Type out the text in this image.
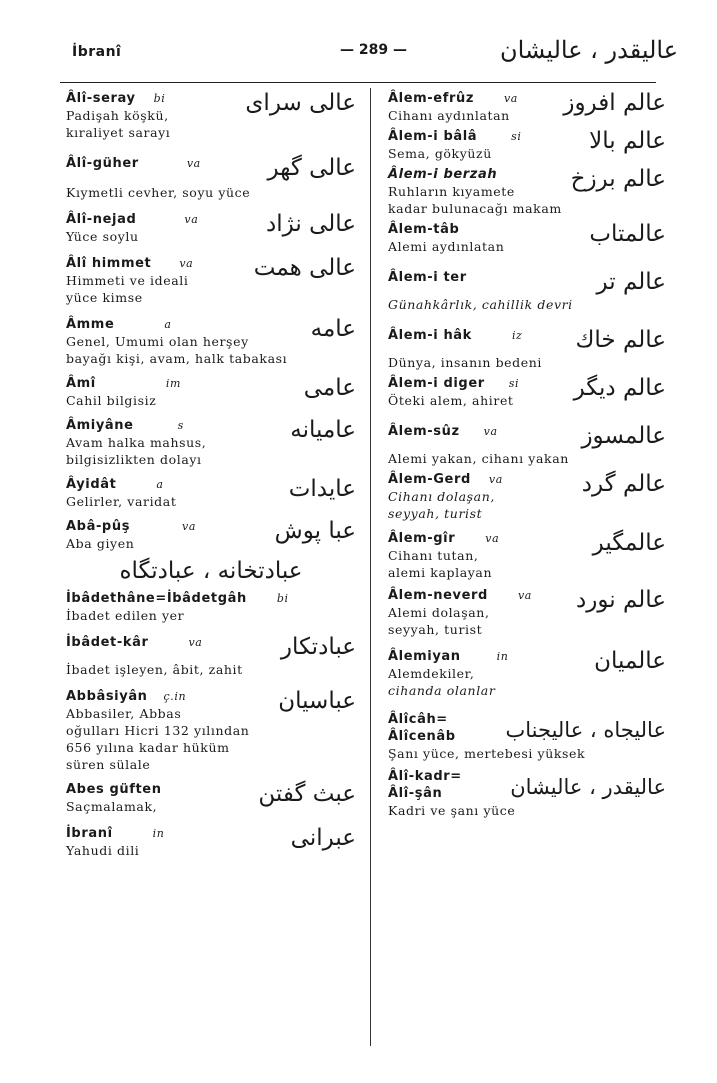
İbranî	— 289 —	عالیقدر ، عالیشان
Âlî-seray bi	عالی سرای
Padişah köşkü,
kıraliyet sarayı
Âlî-güher	va	عالی گهر
Kıymetli cevher, soyu yüce
Âlî-nejad	va	عالی نژاد
Yüce soylu
Âlî himmet	va	عالی همت
Himmeti ve ideali
yüce kimse
Âmme	a	عامه
Genel, Umumi olan herşey
bayağı kişi, avam, halk tabakası
Âmî	im	عامی
Cahil bilgisiz
Âmiyâne	s	عامیانه
Avam halka mahsus,
bilgisizlikten dolayı
Âyidât	a	عایدات
Gelirler, varidat
Abâ-pûş	va	عبا پوش
Aba giyen
عبادتخانه ، عبادتگاه
İbâdethâne=İbâdetgâh	bi
İbadet edilen yer
İbâdet-kâr	va	عبادتکار
İbadet işleyen, âbit, zahit
Abbâsiyân ç.in	عباسیان
Abbasiler, Abbas
oğulları Hicri 132 yılından
656 yılına kadar hüküm
süren sülale
Abes güften	عبث گفتن
Saçmalamak,
İbranî	in	عبرانی
Yahudi dili
Âlem-efrûz	va	عالم افروز
Cihanı aydınlatan
Âlem-i bâlâ	si	عالم بالا
Sema, gökyüzü
Âlem-i berzah	عالم برزخ
Ruhların kıyamete
kadar bulunacağı makam
Âlem-tâb	عالمتاب
Alemi aydınlatan
Âlem-i ter	عالم تر
Günahkârlık, cahillik devri
Âlem-i hâk	iz	عالم خاك
Dünya, insanın bedeni
Âlem-i diger si	عالم دیگر
Öteki alem, ahiret
Âlem-sûz va	عالمسوز
Alemi yakan, cihanı yakan
Âlem-Gerd va	عالم گرد
Cihanı dolaşan,
seyyah, turist
Âlem-gîr	va	عالمگیر
Cihanı tutan,
alemi kaplayan
Âlem-neverd	va	عالم نورد
Alemi dolaşan,
seyyah, turist
Âlemiyan	in	عالمیان
Alemdekiler,
cihanda olanlar
Âlîcâh=
Âlîcenâb	عالیجاه ، عالیجناب
Şanı yüce, mertebesi yüksek
Âlî-kadr=
Âlî-şân	عالیقدر ، عالیشان
Kadri ve şanı yüce
